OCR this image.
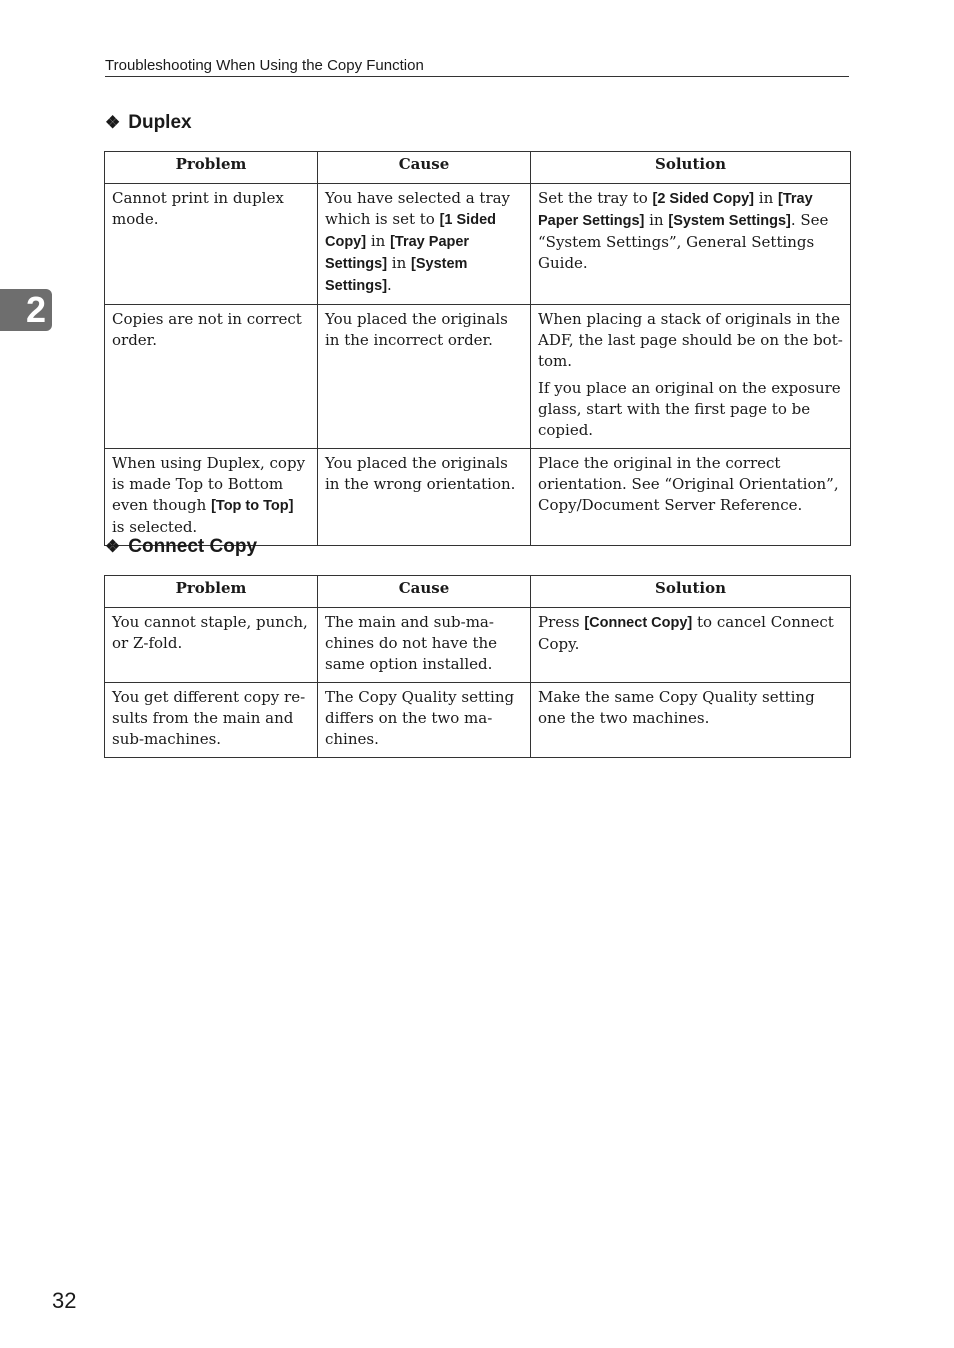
Troubleshooting When Using the Copy Function
2
❖ Duplex
Problem	Cause	Solution
Cannot print in duplex mode.	You have selected a tray which is set to [1 Sided Copy] in [Tray Paper Settings] in [System Settings].	Set the tray to [2 Sided Copy] in [Tray Paper Settings] in [System Settings]. See “System Settings”, General Settings Guide.

Copies are not in correct order.	You placed the originals in the incorrect order.	When placing a stack of originals in the ADF, the last page should be on the bottom.
If you place an original on the exposure glass, start with the first page to be copied.

When using Duplex, copy is made Top to Bottom even though [Top to Top] is selected.	You placed the originals in the wrong orientation.	Place the original in the correct orientation. See “Original Orientation”, Copy/Document Server Reference.
❖ Connect Copy
Problem	Cause	Solution
You cannot staple, punch, or Z-fold.	The main and sub-machines do not have the same option installed.	Press [Connect Copy] to cancel Connect Copy.

You get different copy results from the main and sub-machines.	The Copy Quality setting differs on the two machines.	Make the same Copy Quality setting one the two machines.
32
